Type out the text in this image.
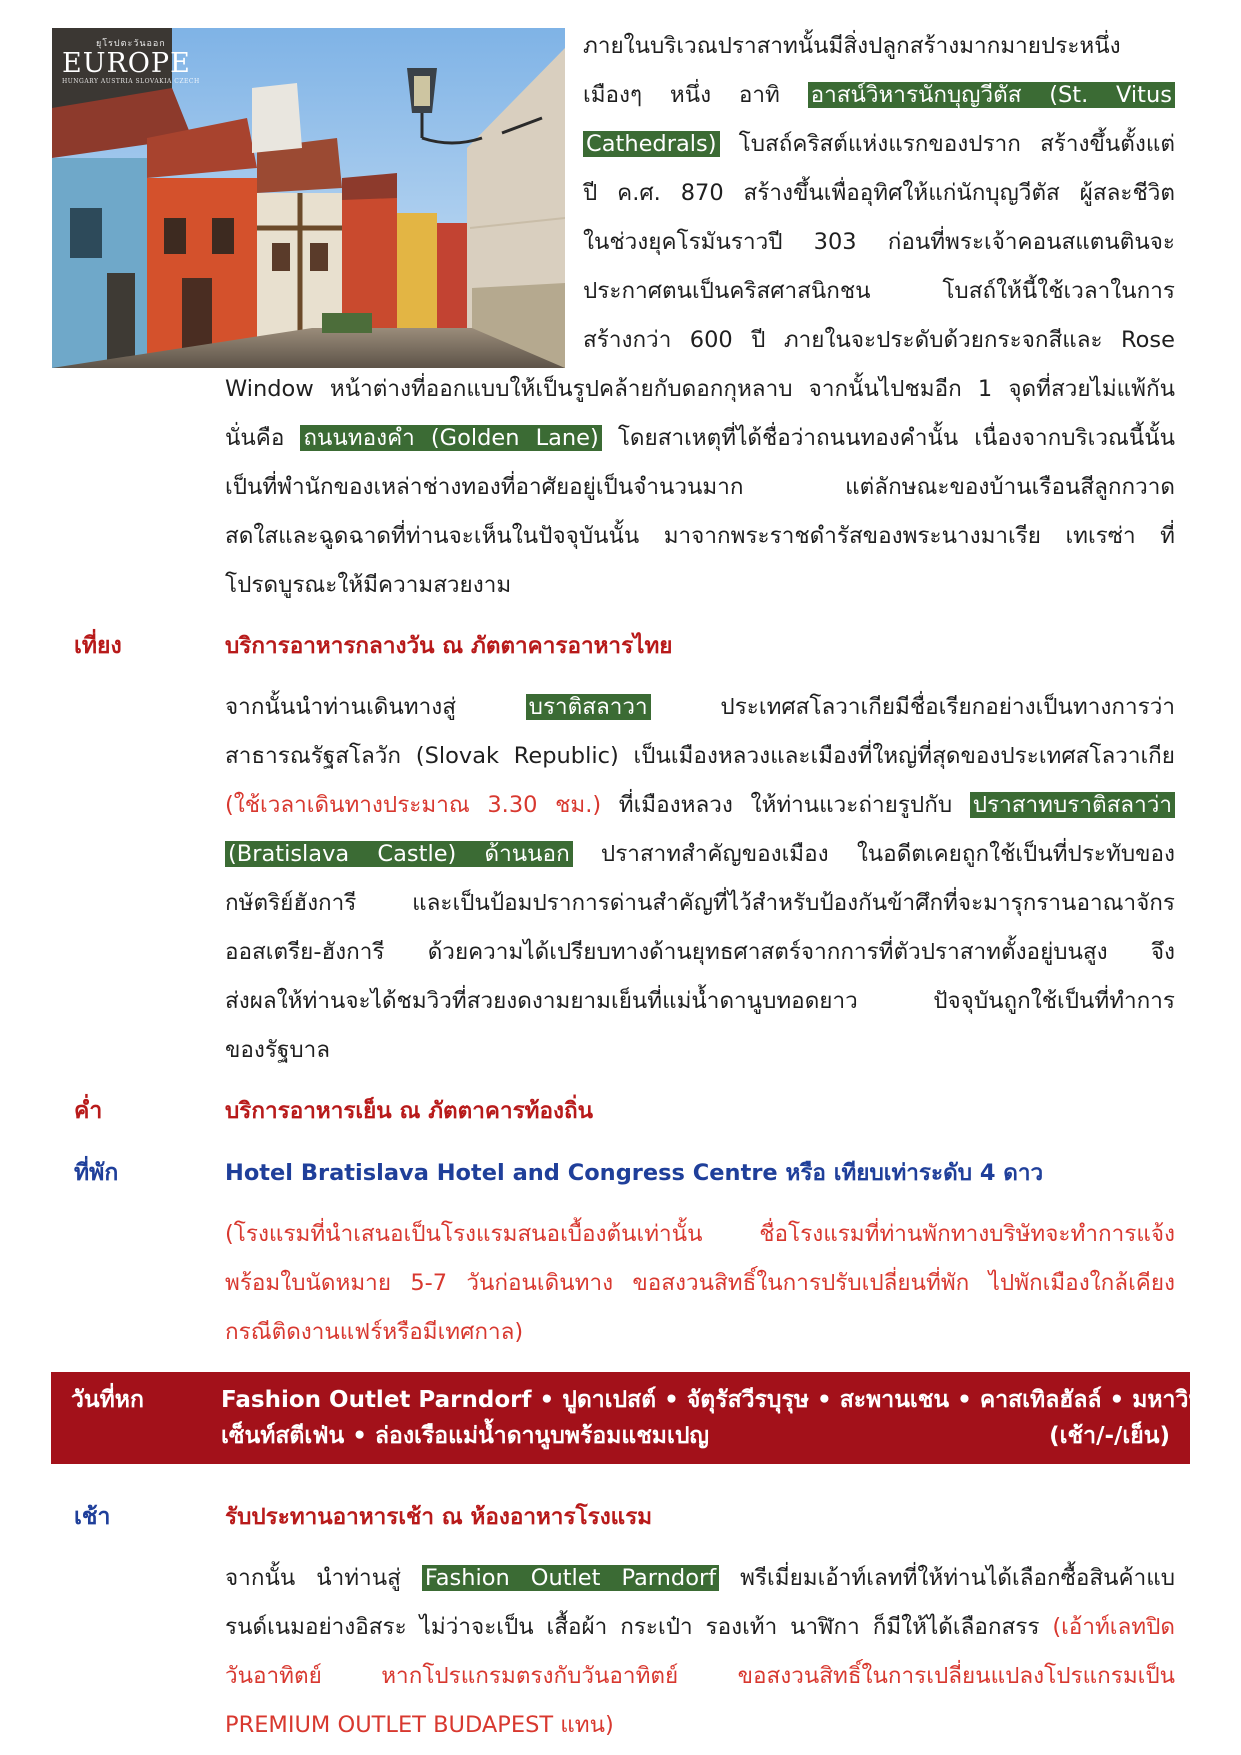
ยุโรปตะวันออก
EUROPE
HUNGARY AUSTRIA SLOVAKIA CZECH
ภายในบริเวณปราสาทนั้นมีสิ่งปลูกสร้างมากมายประหนึ่ง
เมืองๆ หนึ่ง อาทิ อาสน์วิหารนักบุญวีตัส (St. Vitus
Cathedrals) โบสถ์คริสต์แห่งแรกของปราก สร้างขึ้นตั้งแต่
ปี ค.ศ. 870 สร้างขึ้นเพื่ออุทิศให้แก่นักบุญวีตัส ผู้สละชีวิต
ในช่วงยุคโรมันราวปี 303 ก่อนที่พระเจ้าคอนสแตนตินจะ
ประกาศตนเป็นคริสศาสนิกชน โบสถ์ให้นี้ใช้เวลาในการ
สร้างกว่า 600 ปี ภายในจะประดับด้วยกระจกสีและ Rose
Window หน้าต่างที่ออกแบบให้เป็นรูปคล้ายกับดอกกุหลาบ จากนั้นไปชมอีก 1 จุดที่สวยไม่แพ้กัน
นั่นคือ ถนนทองคำ (Golden Lane) โดยสาเหตุที่ได้ชื่อว่าถนนทองคำนั้น เนื่องจากบริเวณนี้นั้น
เป็นที่พำนักของเหล่าช่างทองที่อาศัยอยู่เป็นจำนวนมาก แต่ลักษณะของบ้านเรือนสีลูกกวาด
สดใสและฉูดฉาดที่ท่านจะเห็นในปัจจุบันนั้น มาจากพระราชดำรัสของพระนางมาเรีย เทเรซ่า ที่
โปรดบูรณะให้มีความสวยงาม
เที่ยง	บริการอาหารกลางวัน ณ ภัตตาคารอาหารไทย
จากนั้นนำท่านเดินทางสู่ บราติสลาวา ประเทศสโลวาเกียมีชื่อเรียกอย่างเป็นทางการว่า
สาธารณรัฐสโลวัก (Slovak Republic) เป็นเมืองหลวงและเมืองที่ใหญ่ที่สุดของประเทศสโลวาเกีย
(ใช้เวลาเดินทางประมาณ 3.30 ชม.) ที่เมืองหลวง ให้ท่านแวะถ่ายรูปกับ ปราสาทบราติสลาว่า
(Bratislava Castle) ด้านนอก ปราสาทสำคัญของเมือง ในอดีตเคยถูกใช้เป็นที่ประทับของ
กษัตริย์ฮังการี และเป็นป้อมปราการด่านสำคัญที่ไว้สำหรับป้องกันข้าศึกที่จะมารุกรานอาณาจักร
ออสเตรีย-ฮังการี ด้วยความได้เปรียบทางด้านยุทธศาสตร์จากการที่ตัวปราสาทตั้งอยู่บนสูง จึง
ส่งผลให้ท่านจะได้ชมวิวที่สวยงดงามยามเย็นที่แม่น้ำดานูบทอดยาว ปัจจุบันถูกใช้เป็นที่ทำการ
ของรัฐบาล
ค่ำ	บริการอาหารเย็น ณ ภัตตาคารท้องถิ่น
ที่พัก	Hotel Bratislava Hotel and Congress Centre หรือ เทียบเท่าระดับ 4 ดาว
(โรงแรมที่นำเสนอเป็นโรงแรมสนอเบื้องต้นเท่านั้น ชื่อโรงแรมที่ท่านพักทางบริษัทจะทำการแจ้ง
พร้อมใบนัดหมาย 5-7 วันก่อนเดินทาง ขอสงวนสิทธิ์ในการปรับเปลี่ยนที่พัก ไปพักเมืองใกล้เคียง
กรณีติดงานแฟร์หรือมีเทศกาล)
วันที่หก	Fashion Outlet Parndorf • ปูดาเปสต์ • จัตุรัสวีรบุรุษ • สะพานเชน • คาสเทิลฮัลล์ • มหาวิหาร
เซ็นท์สตีเฟ่น • ล่องเรือแม่น้ำดานูบพร้อมแชมเปญ	(เช้า/-/เย็น)
เช้า	รับประทานอาหารเช้า ณ ห้องอาหารโรงแรม
จากนั้น นำท่านสู่ Fashion Outlet Parndorf พรีเมี่ยมเอ้าท์เลทที่ให้ท่านได้เลือกซื้อสินค้าแบ
รนด์เนมอย่างอิสระ ไม่ว่าจะเป็น เสื้อผ้า กระเป๋า รองเท้า นาฬิกา ก็มีให้ได้เลือกสรร (เอ้าท์เลทปิด
วันอาทิตย์ หากโปรแกรมตรงกับวันอาทิตย์ ขอสงวนสิทธิ์ในการเปลี่ยนแปลงโปรแกรมเป็น
PREMIUM OUTLET BUDAPEST แทน)
